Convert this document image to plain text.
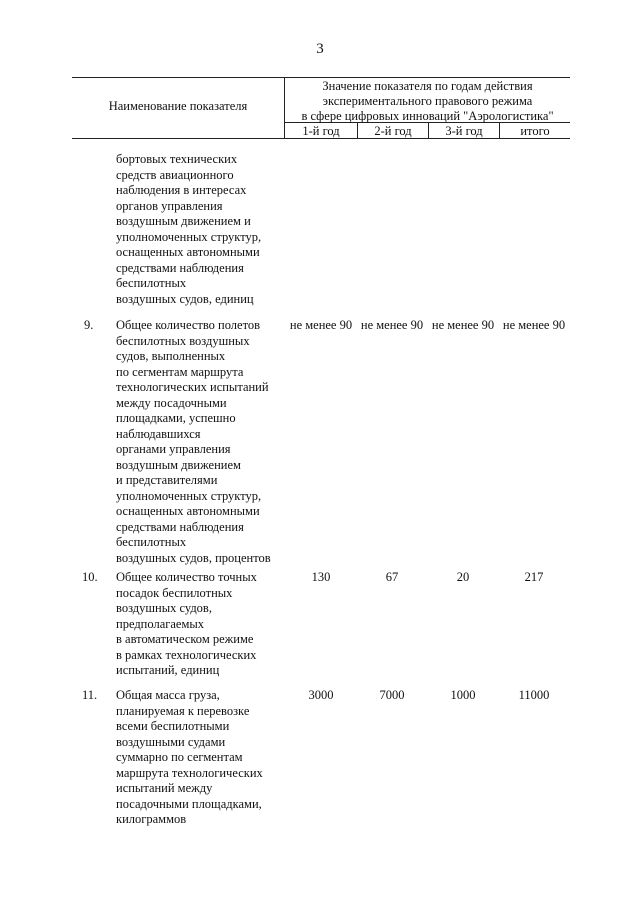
3
Наименование показателя
Значение показателя по годам действия
экспериментального правового режима
в сфере цифровых инноваций "Аэрологистика"
1-й год	2-й год	3-й год	итого
бортовых технических
средств авиационного
наблюдения в интересах
органов управления
воздушным движением и
уполномоченных структур,
оснащенных автономными
средствами наблюдения
беспилотных
воздушных судов, единиц
9. Общее количество полетов
беспилотных воздушных
судов, выполненных
по сегментам маршрута
технологических испытаний
между посадочными
площадками, успешно
наблюдавшихся
органами управления
воздушным движением
и представителями
уполномоченных структур,
оснащенных автономными
средствами наблюдения
беспилотных
воздушных судов, процентов
не менее 90 не менее 90 не менее 90 не менее 90
10. Общее количество точных
посадок беспилотных
воздушных судов,
предполагаемых
в автоматическом режиме
в рамках технологических
испытаний, единиц
130	67	20	217
11. Общая масса груза,
планируемая к перевозке
всеми беспилотными
воздушными судами
суммарно по сегментам
маршрута технологических
испытаний между
посадочными площадками,
килограммов
3000	7000	1000	11000
